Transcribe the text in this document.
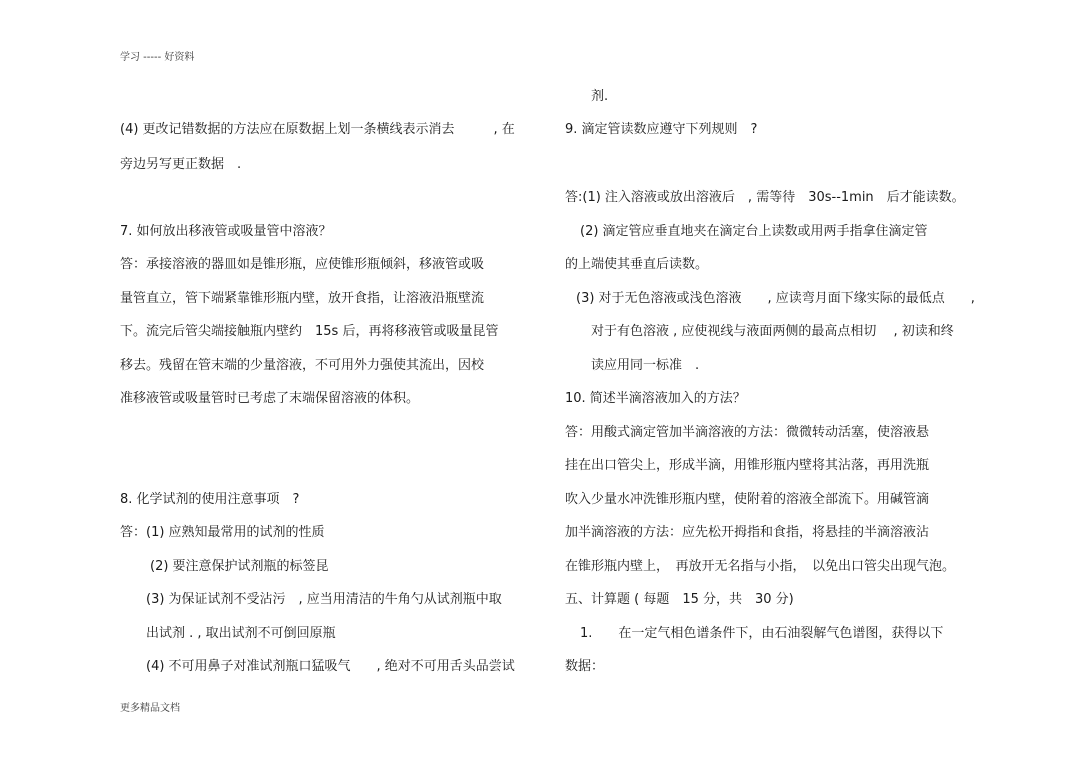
学习 ----- 好资料
(4) 更改记错数据的方法应在原数据上划一条横线表示消去　　　, 在
旁边另写更正数据　.
7. 如何放出移液管或吸量管中溶液？
答：承接溶液的器皿如是锥形瓶，应使锥形瓶倾斜，移液管或吸
量管直立，管下端紧靠锥形瓶内壁，放开食指，让溶液沿瓶壁流
下。流完后管尖端接触瓶内壁约　15s 后，再将移液管或吸量昆管
移去。残留在管末端的少量溶液，不可用外力强使其流出，因校
准移液管或吸量管时已考虑了末端保留溶液的体积。
8. 化学试剂的使用注意事项　?
答：(1) 应熟知最常用的试剂的性质
(2) 要注意保护试剂瓶的标签昆
(3) 为保证试剂不受沾污　, 应当用清洁的牛角勺从试剂瓶中取
出试剂 . , 取出试剂不可倒回原瓶
(4) 不可用鼻子对准试剂瓶口猛吸气　　, 绝对不可用舌头品尝试
剂.
9. 滴定管读数应遵守下列规则　?
答:(1) 注入溶液或放出溶液后　, 需等待　30s--1min　后才能读数。
(2) 滴定管应垂直地夹在滴定台上读数或用两手指拿住滴定管
的上端使其垂直后读数。
(3) 对于无色溶液或浅色溶液　　, 应读弯月面下缘实际的最低点　　,
对于有色溶液 , 应使视线与液面两侧的最高点相切　 , 初读和终
读应用同一标准　.
10. 简述半滴溶液加入的方法？
答：用酸式滴定管加半滴溶液的方法：微微转动活塞，使溶液悬
挂在出口管尖上，形成半滴，用锥形瓶内壁将其沾落，再用洗瓶
吹入少量水冲洗锥形瓶内壁，使附着的溶液全部流下。用碱管滴
加半滴溶液的方法：应先松开拇指和食指，将悬挂的半滴溶液沾
在锥形瓶内壁上，　再放开无名指与小指，　以免出口管尖出现气泡。
五、计算题 ( 每题　15 分，共　30 分)
1.　　在一定气相色谱条件下，由石油裂解气色谱图，获得以下
数据：
更多精品文档
